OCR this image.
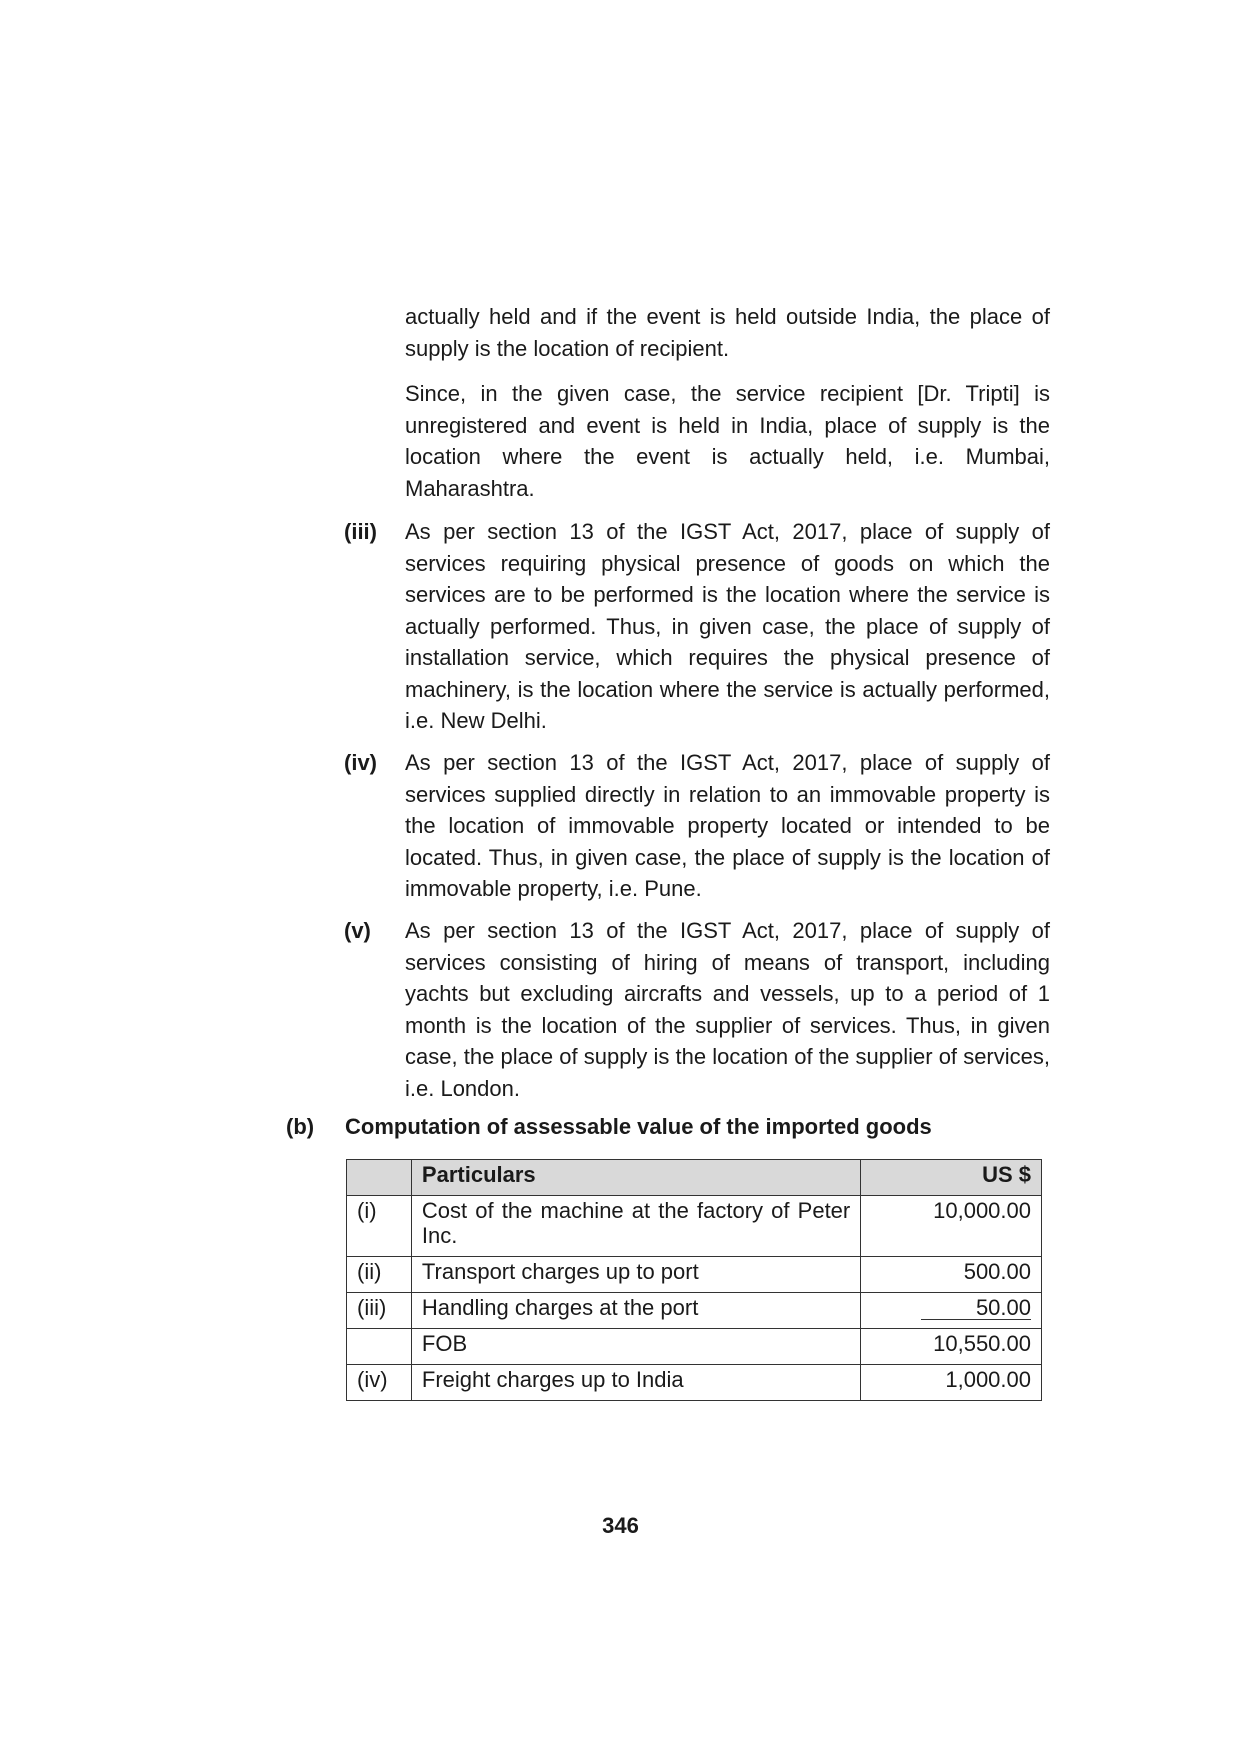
actually held and if the event is held outside India, the place of supply is the location of recipient.
Since, in the given case, the service recipient [Dr. Tripti] is unregistered and event is held in India, place of supply is the location where the event is actually held, i.e. Mumbai, Maharashtra.
(iii) As per section 13 of the IGST Act, 2017, place of supply of services requiring physical presence of goods on which the services are to be performed is the location where the service is actually performed. Thus, in given case, the place of supply of installation service, which requires the physical presence of machinery, is the location where the service is actually performed, i.e. New Delhi.
(iv) As per section 13 of the IGST Act, 2017, place of supply of services supplied directly in relation to an immovable property is the location of immovable property located or intended to be located. Thus, in given case, the place of supply is the location of immovable property, i.e. Pune.
(v) As per section 13 of the IGST Act, 2017, place of supply of services consisting of hiring of means of transport, including yachts but excluding aircrafts and vessels, up to a period of 1 month is the location of the supplier of services. Thus, in given case, the place of supply is the location of the supplier of services, i.e. London.
(b) Computation of assessable value of the imported goods
	Particulars	US $
(i)	Cost of the machine at the factory of Peter Inc.	10,000.00
(ii)	Transport charges up to port	500.00
(iii)	Handling charges at the port	50.00
	FOB	10,550.00
(iv)	Freight charges up to India	1,000.00
346
